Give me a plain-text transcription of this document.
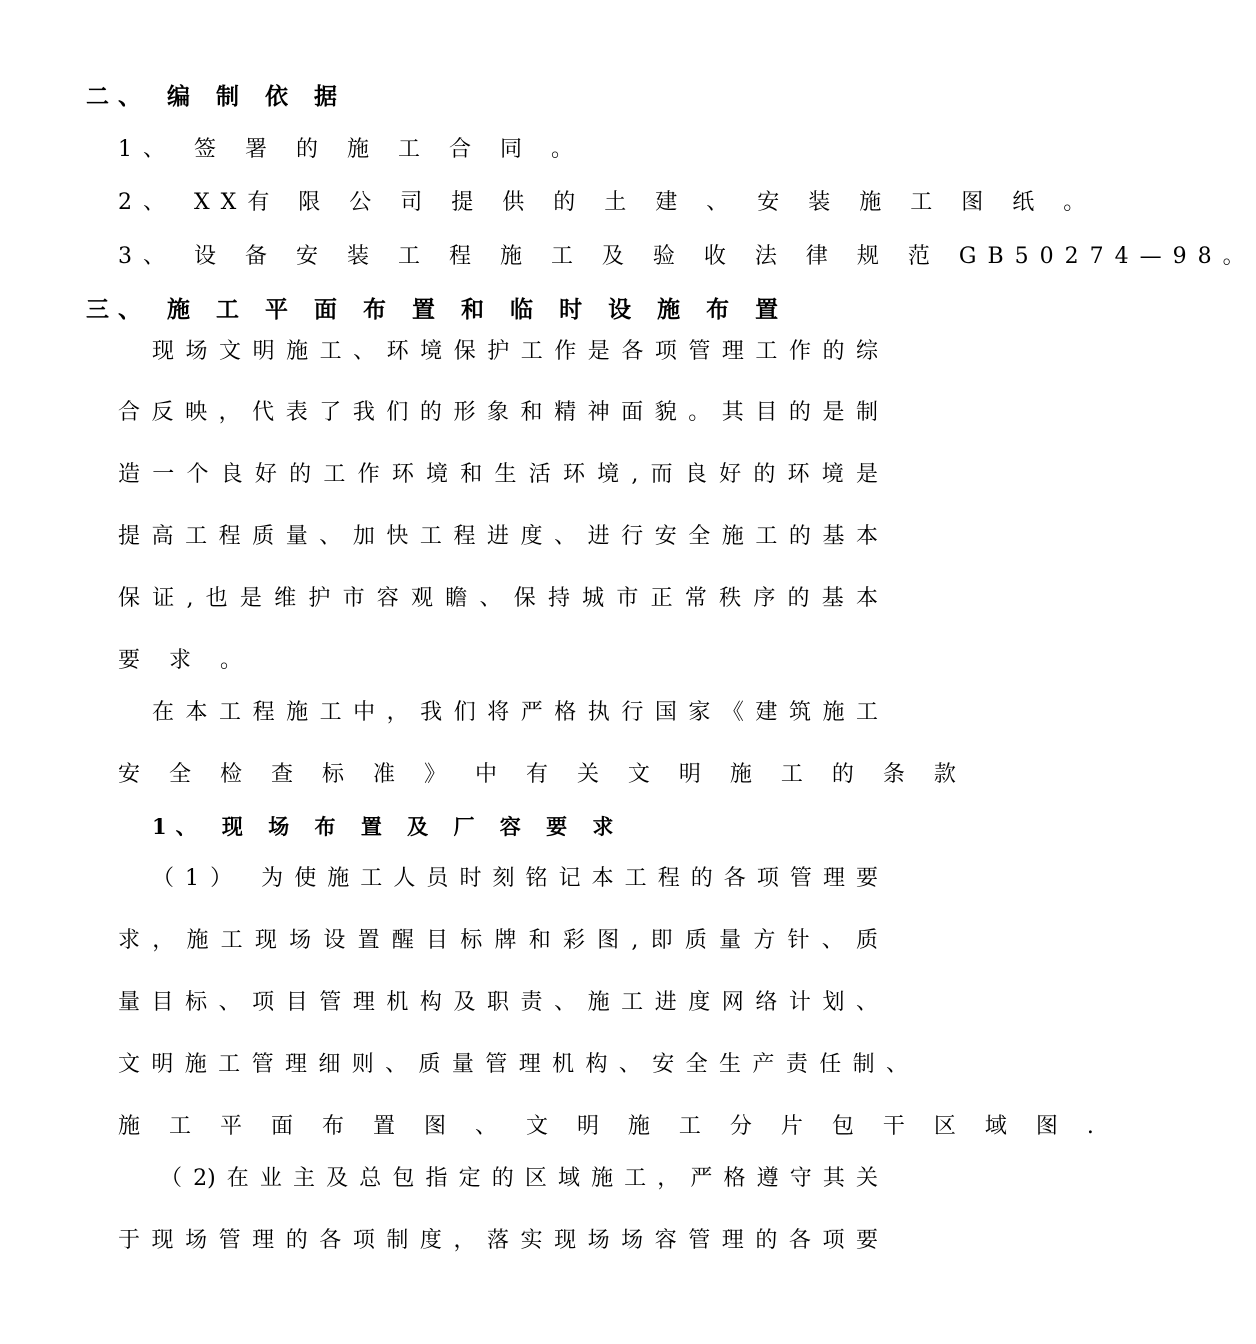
二、 编 制 依 据
1、 签 署 的 施 工 合 同 。
2、 XX有 限 公 司 提 供 的 土 建 、 安 装 施 工 图 纸 。
3、 设 备 安 装 工 程 施 工 及 验 收 法 律 规 范 GB50274—98。
三、 施 工 平 面 布 置 和 临 时 设 施 布 置
现场文明施工、环境保护工作是各项管理工作的综
合反映，代表了我们的形象和精神面貌。其目的是制
造一个良好的工作环境和生活环境,而良好的环境是
提高工程质量、加快工程进度、进行安全施工的基本
保证,也是维护市容观瞻、保持城市正常秩序的基本
要 求 。
在本工程施工中，我们将严格执行国家《建筑施工
安 全 检 查 标 准 》 中 有 关 文 明 施 工 的 条 款
1、 现 场 布 置 及 厂 容 要 求
（1） 为使施工人员时刻铭记本工程的各项管理要
求，施工现场设置醒目标牌和彩图,即质量方针、质
量目标、项目管理机构及职责、施工进度网络计划、
文明施工管理细则、质量管理机构、安全生产责任制、
施 工 平 面 布 置 图 、 文 明 施 工 分 片 包 干 区 域 图 .
（2)在业主及总包指定的区域施工，严格遵守其关
于现场管理的各项制度，落实现场场容管理的各项要
